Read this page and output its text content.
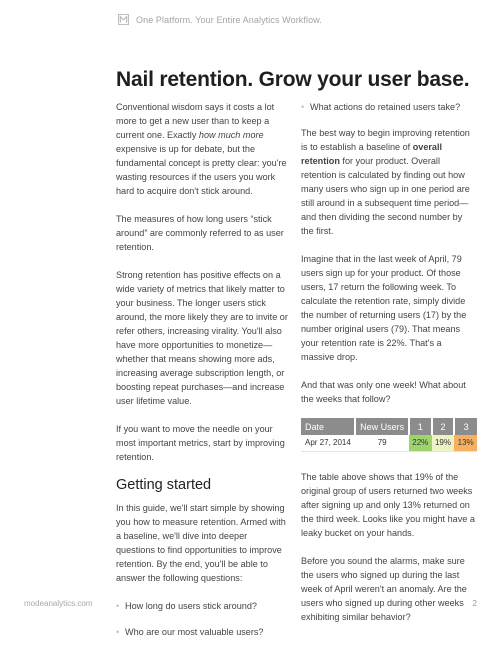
One Platform. Your Entire Analytics Workflow.
Nail retention. Grow your user base.

Conventional wisdom says it costs a lot more to get a new user than to keep a current one. Exactly how much more expensive is up for debate, but the fundamental concept is pretty clear: you're wasting resources if the users you work hard to acquire don't stick around.

The measures of how long users “stick around” are commonly referred to as user retention.

Strong retention has positive effects on a wide variety of metrics that likely matter to your business. The longer users stick around, the more likely they are to invite or refer others, increasing virality. You'll also have more opportunities to monetize—whether that means showing more ads, increasing average subscription length, or boosting repeat purchases—and increase user lifetime value.

If you want to move the needle on your most important metrics, start by improving retention.

Getting started

In this guide, we'll start simple by showing you how to measure retention. Armed with a baseline, we'll dive into deeper questions to find opportunities to improve retention. By the end, you'll be able to answer the following questions:

• How long do users stick around?
• Who are our most valuable users?
• What actions do retained users take?

The best way to begin improving retention is to establish a baseline of overall retention for your product. Overall retention is calculated by finding out how many users who sign up in one period are still around in a subsequent time period—and then dividing the second number by the first.

Imagine that in the last week of April, 79 users sign up for your product. Of those users, 17 return the following week. To calculate the retention rate, simply divide the number of returning users (17) by the number original users (79). That means your retention rate is 22%. That's a massive drop.

And that was only one week! What about the weeks that follow?

Date	New Users	1	2	3
Apr 27, 2014	79	22%	19%	13%

The table above shows that 19% of the original group of users returned two weeks after signing up and only 13% returned on the third week. Looks like you might have a leaky bucket on your hands.

Before you sound the alarms, make sure the users who signed up during the last week of April weren't an anomaly. Are the users who signed up during other weeks exhibiting similar behavior?

modeanalytics.com	2
